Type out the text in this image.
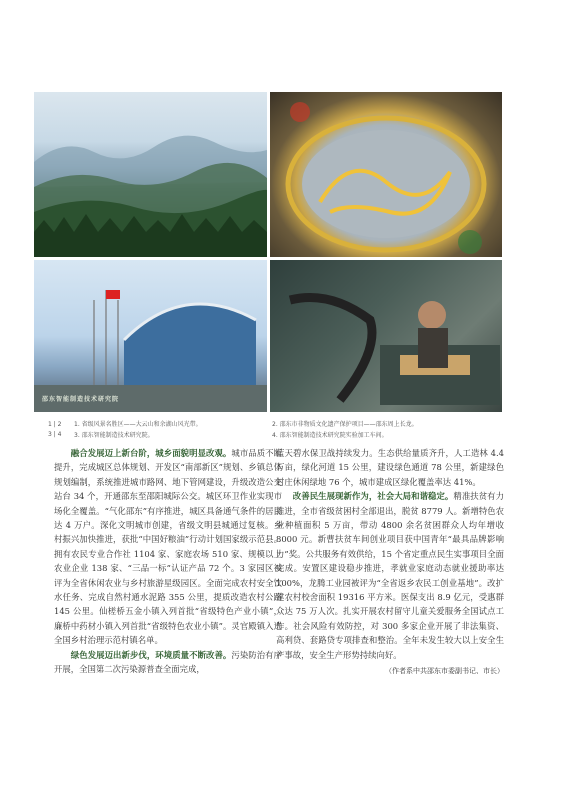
邵东智能制造技术研究院
1 | 2
3 | 4
1. 省级风景名胜区——大云山和余湖山风光带。	2. 邵东市非物质文化遗产保护项目——邵东周上长龙。
3. 邵东智能制造技术研究院。	4. 邵东智能制造技术研究院实验加工车间。

融合发展迈上新台阶，城乡面貌明显改观。城市品质不断提升，完成城区总体规划、开发区“南部新区”规划、乡镇总体规划编制，系统推进城市路网、地下管网建设，升级改造公交站台 34 个，开通邵东至邵阳城际公交。城区环卫作业实现市场化全覆盖。“气化邵东”有序推进，城区具备通气条件的居民达 4 万户。深化文明城市创建，省级文明县城通过复核。乡村振兴加快推进，获批“中国好粮油”行动计划国家级示范县。拥有农民专业合作社 1104 家、家庭农场 510 家、规模以上农业企业 138 家、“三品一标”认证产品 72 个。3 家园区被评为全省休闲农业与乡村旅游星级园区。全面完成农村安全饮水任务、完成自然村通水泥路 355 公里，提质改造农村公路 145 公里。仙槎桥五金小镇入列首批“省级特色产业小镇”，廉桥中药材小镇入列首批“省级特色农业小镇”。灵官殿镇入选全国乡村治理示范村镇名单。

绿色发展迈出新步伐，环境质量不断改善。污染防治有序开展，全国第二次污染源普查全面完成，

蓝天碧水保卫战持续发力。生态供给量质齐升，人工造林 4.4 万亩，绿化河道 15 公里，建设绿色通道 78 公里，新建绿色村庄休闲绿地 76 个，城市建成区绿化覆盖率达 41%。

改善民生展现新作为，社会大局和谐稳定。精准扶贫有力推进，全市省级贫困村全部退出，脱贫 8779 人。新增特色农业种植面积 5 万亩，带动 4800 余名贫困群众人均年增收 8000 元。新曹扶贫车间创业项目获中国青年“最具品牌影响力”奖。公共服务有效供给，15 个省定重点民生实事项目全面完成。安置区建设稳步推进，孝就业家庭动态就业援助率达 100%，龙腾工业园被评为“全省返乡农民工创业基地”。改扩建农村校舍面积 19316 平方米。医保支出 8.9 亿元，受惠群众达 75 万人次。扎实开展农村留守儿童关爱服务全国试点工作。社会风险有效防控，对 300 多家企业开展了非法集资、高利贷、套路贷专项排查和整治。全年未发生较大以上安全生产事故，安全生产形势持续向好。

（作者系中共邵东市委副书记、市长）
